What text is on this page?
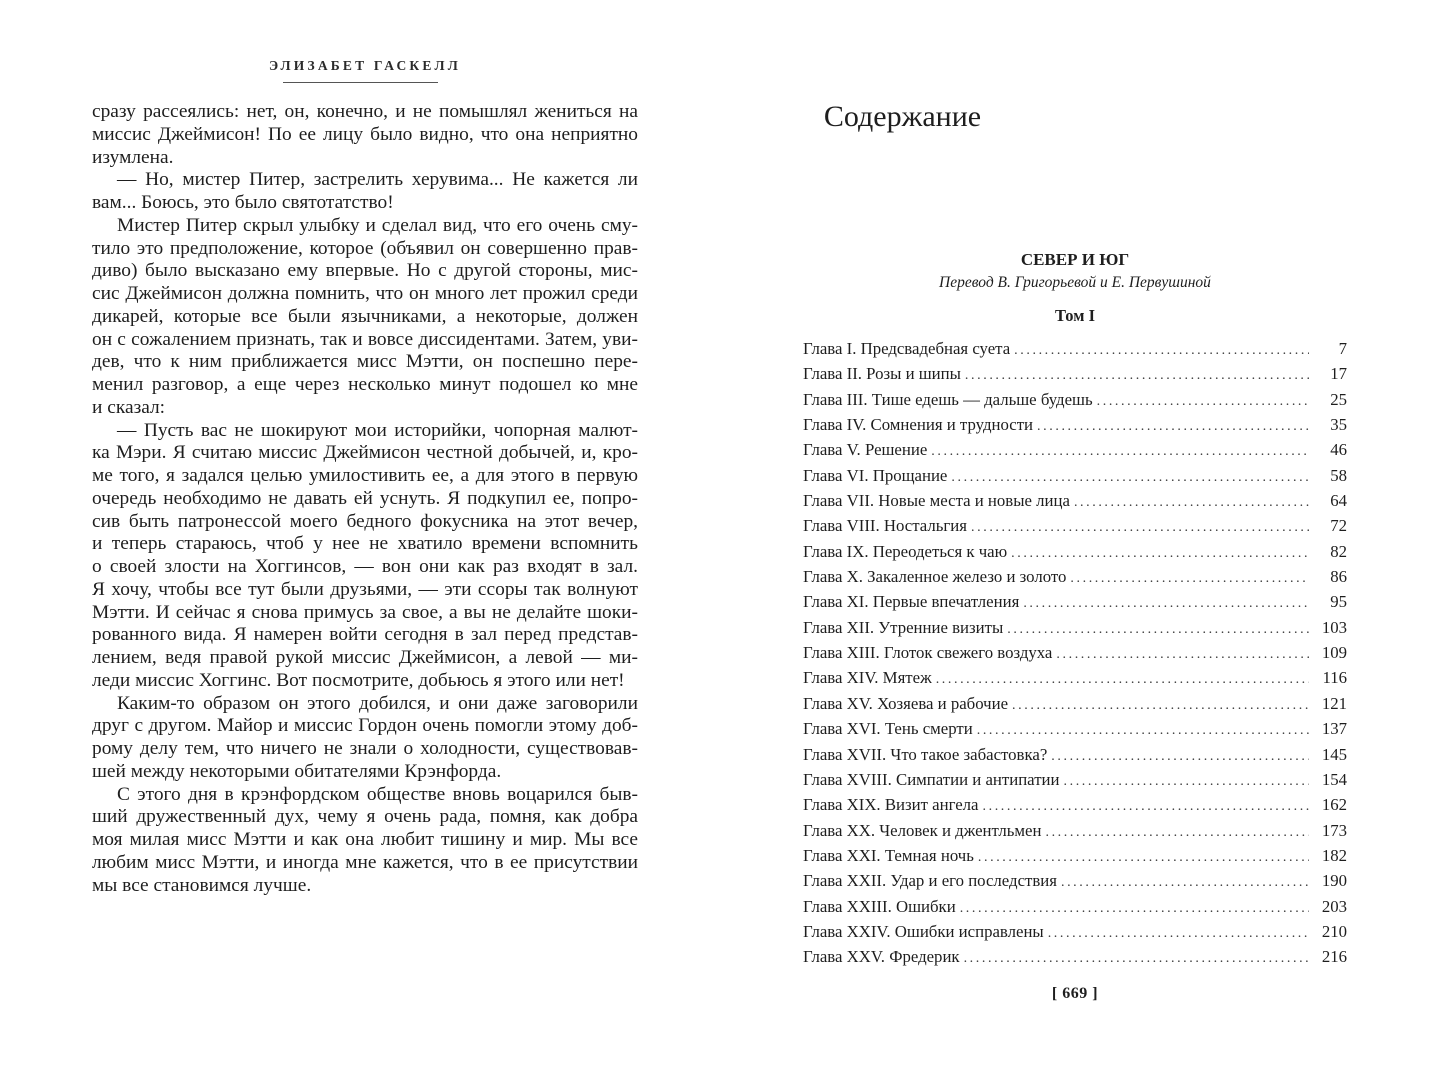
ЭЛИЗАБЕТ ГАСКЕЛЛ
сразу рассеялись: нет, он, конечно, и не помышлял жениться на
миссис Джеймисон! По ее лицу было видно, что она неприятно
изумлена.
— Но, мистер Питер, застрелить херувима... Не кажется ли
вам... Боюсь, это было святотатство!
Мистер Питер скрыл улыбку и сделал вид, что его очень сму-
тило это предположение, которое (объявил он совершенно прав-
диво) было высказано ему впервые. Но с другой стороны, мис-
сис Джеймисон должна помнить, что он много лет прожил среди
дикарей, которые все были язычниками, а некоторые, должен
он с сожалением признать, так и вовсе диссидентами. Затем, уви-
дев, что к ним приближается мисс Мэтти, он поспешно пере-
менил разговор, а еще через несколько минут подошел ко мне
и сказал:
— Пусть вас не шокируют мои историйки, чопорная малют-
ка Мэри. Я считаю миссис Джеймисон честной добычей, и, кро-
ме того, я задался целью умилостивить ее, а для этого в первую
очередь необходимо не давать ей уснуть. Я подкупил ее, попро-
сив быть патронессой моего бедного фокусника на этот вечер,
и теперь стараюсь, чтоб у нее не хватило времени вспомнить
о своей злости на Хоггинсов, — вон они как раз входят в зал.
Я хочу, чтобы все тут были друзьями, — эти ссоры так волнуют
Мэтти. И сейчас я снова примусь за свое, а вы не делайте шоки-
рованного вида. Я намерен войти сегодня в зал перед представ-
лением, ведя правой рукой миссис Джеймисон, а левой — ми-
леди миссис Хоггинс. Вот посмотрите, добьюсь я этого или нет!
Каким-то образом он этого добился, и они даже заговорили
друг с другом. Майор и миссис Гордон очень помогли этому доб-
рому делу тем, что ничего не знали о холодности, существовав-
шей между некоторыми обитателями Крэнфорда.
С этого дня в крэнфордском обществе вновь воцарился быв-
ший дружественный дух, чему я очень рада, помня, как добра
моя милая мисс Мэтти и как она любит тишину и мир. Мы все
любим мисс Мэтти, и иногда мне кажется, что в ее присутствии
мы все становимся лучше.
Содержание
СЕВЕР И ЮГ
Перевод В. Григорьевой и Е. Первушиной
Том I
Глава I. Предсвадебная суета .....	7
Глава II. Розы и шипы .....	17
Глава III. Тише едешь — дальше будешь .....	25
Глава IV. Сомнения и трудности .....	35
Глава V. Решение .....	46
Глава VI. Прощание .....	58
Глава VII. Новые места и новые лица .....	64
Глава VIII. Ностальгия .....	72
Глава IX. Переодеться к чаю .....	82
Глава X. Закаленное железо и золото .....	86
Глава XI. Первые впечатления .....	95
Глава XII. Утренние визиты .....	103
Глава XIII. Глоток свежего воздуха .....	109
Глава XIV. Мятеж .....	116
Глава XV. Хозяева и рабочие .....	121
Глава XVI. Тень смерти .....	137
Глава XVII. Что такое забастовка? .....	145
Глава XVIII. Симпатии и антипатии .....	154
Глава XIX. Визит ангела .....	162
Глава XX. Человек и джентльмен .....	173
Глава XXI. Темная ночь .....	182
Глава XXII. Удар и его последствия .....	190
Глава XXIII. Ошибки .....	203
Глава XXIV. Ошибки исправлены .....	210
Глава XXV. Фредерик .....	216
[ 669 ]
